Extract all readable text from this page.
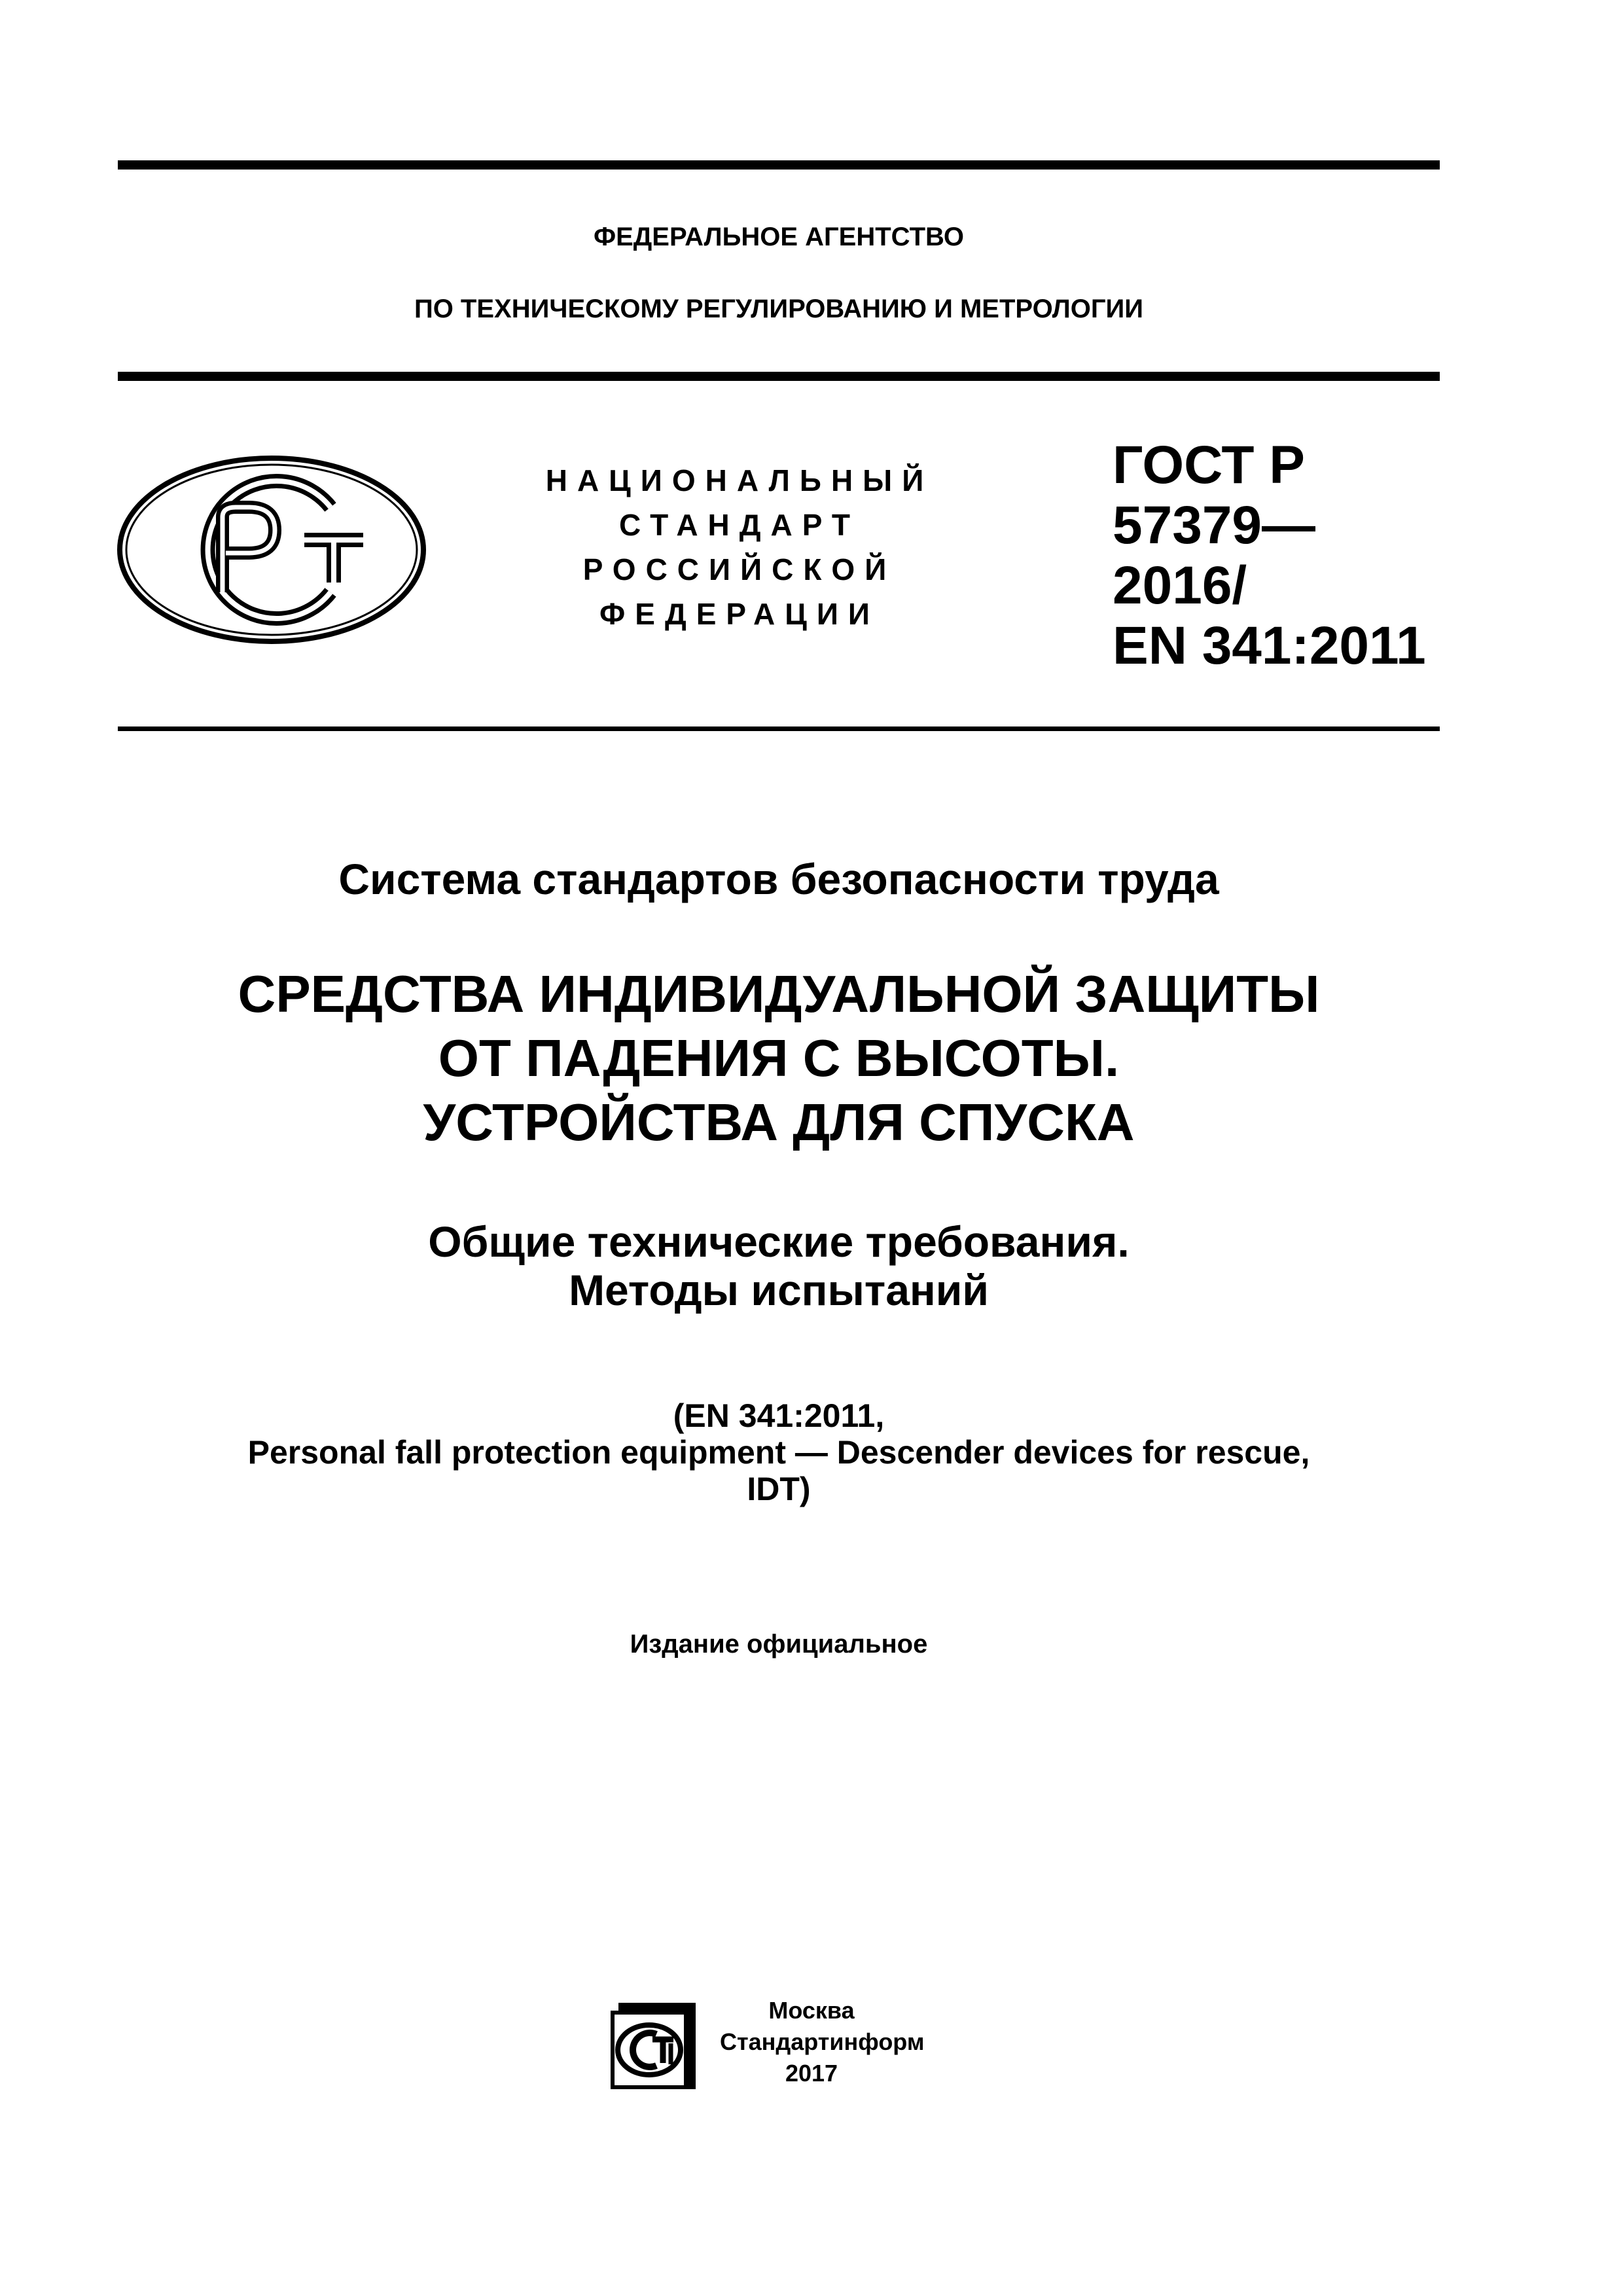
ФЕДЕРАЛЬНОЕ АГЕНТСТВО
ПО ТЕХНИЧЕСКОМУ РЕГУЛИРОВАНИЮ И МЕТРОЛОГИИ
НАЦИОНАЛЬНЫЙ
СТАНДАРТ
РОССИЙСКОЙ
ФЕДЕРАЦИИ
ГОСТ Р
57379—
2016/
EN 341:2011
Система стандартов безопасности труда
СРЕДСТВА ИНДИВИДУАЛЬНОЙ ЗАЩИТЫ
ОТ ПАДЕНИЯ С ВЫСОТЫ.
УСТРОЙСТВА ДЛЯ СПУСКА
Общие технические требования.
Методы испытаний
(EN 341:2011,
Personal fall protection equipment — Descender devices for rescue,
IDT)
Издание официальное
Москва
Стандартинформ
2017
